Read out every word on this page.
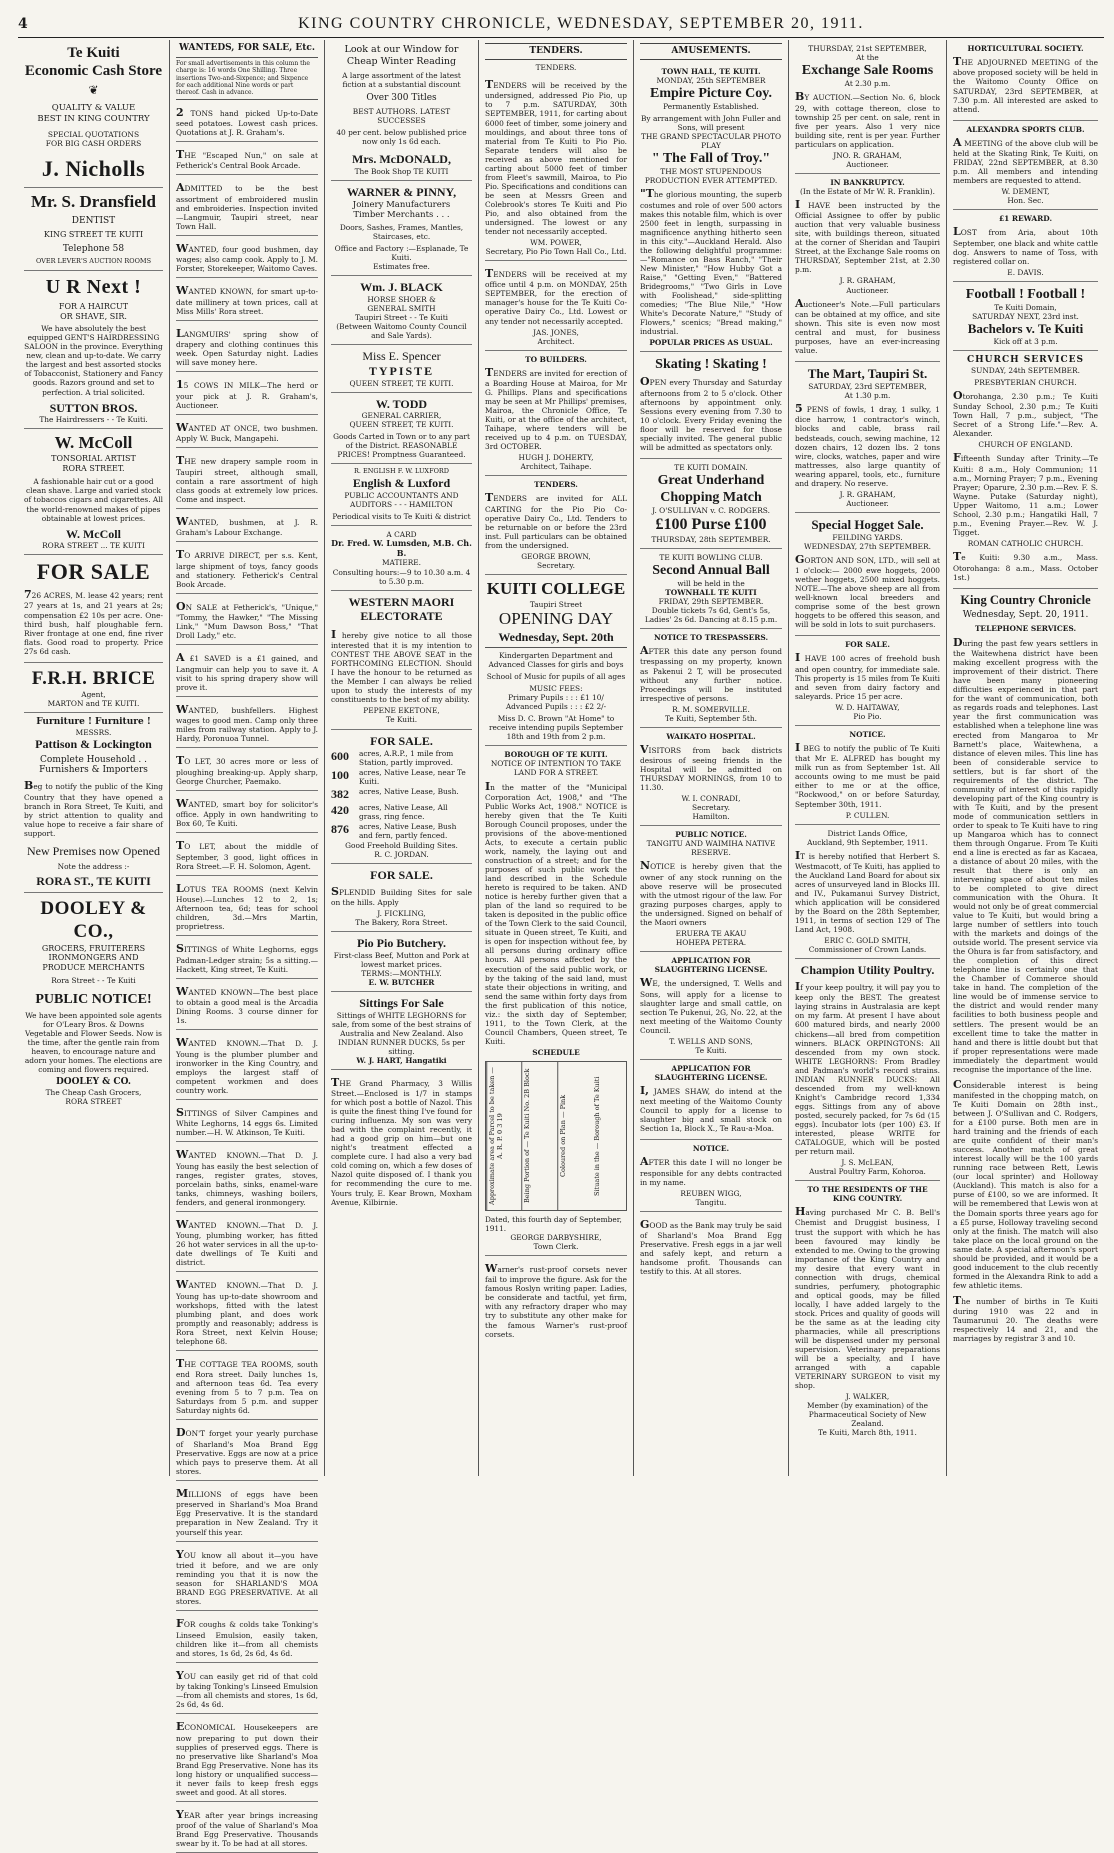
4	KING COUNTRY CHRONICLE, WEDNESDAY, SEPTEMBER 20, 1911.
Te Kuiti
Economic Cash Store
❦
QUALITY & VALUE
BEST IN KING COUNTRY
SPECIAL QUOTATIONS
FOR BIG CASH ORDERS
J. Nicholls
Mr. S. Dransfield
DENTIST
KING STREET TE KUITI
Telephone 58
OVER LEVER'S AUCTION ROOMS
U R Next !
FOR A HAIRCUT
OR SHAVE, SIR.
We have absolutely the best equipped GENT'S HAIRDRESSING SALOON in the province. Everything new, clean and up-to-date. We carry the largest and best assorted stocks of Tobacconist, Stationery and Fancy goods. Razors ground and set to perfection. A trial solicited.
SUTTON BROS.
The Hairdressers - - Te Kuiti.
W. McColl
TONSORIAL ARTIST
RORA STREET.
A fashionable hair cut or a good clean shave. Large and varied stock of tobaccos cigars and cigarettes. All the world-renowned makes of pipes obtainable at lowest prices.
W. McColl
RORA STREET ... TE KUITI
FOR SALE
726 ACRES, M. lease 42 years; rent 27 years at 1s, and 21 years at 2s; compensation £2 10s per acre. One-third bush, half ploughable fern. River frontage at one end, fine river flats. Good road to property. Price 27s 6d cash.
F.R.H. BRICE
Agent,
MARTON and TE KUITI.
Furniture ! Furniture !
MESSRS.
Pattison & Lockington
Complete Household . .
Furnishers & Importers
Beg to notify the public of the King Country that they have opened a branch in Rora Street, Te Kuiti, and by strict attention to quality and value hope to receive a fair share of support.
New Premises now Opened
Note the address :-
RORA ST., TE KUITI
DOOLEY & CO.,
GROCERS, FRUITERERS
IRONMONGERS AND
PRODUCE MERCHANTS
Rora Street - - Te Kuiti
PUBLIC NOTICE!
We have been appointed sole agents for O'Leary Bros. & Downs Vegetable and Flower Seeds. Now is the time, after the gentle rain from heaven, to encourage nature and adorn your homes. The elections are coming and flowers required.
DOOLEY & CO.
The Cheap Cash Grocers,
RORA STREET
WANTEDS, FOR SALE, Etc.
For small advertisements in this column the charge is: 16 words One Shilling. Three insertions Two-and-Sixpence; and Sixpence for each additional Nine words or part thereof. Cash in advance.
2 TONS hand picked Up-to-Date seed potatoes. Lowest cash prices. Quotations at J. R. Graham's.
THE "Escaped Nun," on sale at Fetherick's Central Book Arcade.
ADMITTED to be the best assortment of embroidered muslin and embroideries. Inspection invited—Langmuir, Taupiri street, near Town Hall.
WANTED, four good bushmen, day wages; also camp cook. Apply to J. M. Forster, Storekeeper, Waitomo Caves.
WANTED KNOWN, for smart up-to-date millinery at town prices, call at Miss Mills' Rora street.
LANGMUIRS' spring show of drapery and clothing continues this week. Open Saturday night. Ladies will save money here.
15 COWS IN MILK—The herd or your pick at J. R. Graham's, Auctioneer.
WANTED AT ONCE, two bushmen. Apply W. Buck, Mangapehi.
THE new drapery sample room in Taupiri street, although small, contain a rare assortment of high class goods at extremely low prices. Come and inspect.
WANTED, bushmen, at J. R. Graham's Labour Exchange.
TO ARRIVE DIRECT, per s.s. Kent, large shipment of toys, fancy goods and stationery. Fetherick's Central Book Arcade.
ON SALE at Fetherick's, "Unique," "Tommy, the Hawker," "The Missing Link," "Mum Dawson Boss," "That Droll Lady," etc.
A £1 SAVED is a £1 gained, and Langmuir can help you to save it. A visit to his spring drapery show will prove it.
WANTED, bushfellers. Highest wages to good men. Camp only three miles from railway station. Apply to J. Hardy, Poronuoa Tunnel.
TO LET, 30 acres more or less of ploughing breaking-up. Apply sharp, George Churcher, Paemako.
WANTED, smart boy for solicitor's office. Apply in own handwriting to Box 60, Te Kuiti.
TO LET, about the middle of September, 3 good, light offices in Rora Street.—F. H. Solomon, Agent.
LOTUS TEA ROOMS (next Kelvin House).—Lunches 12 to 2, 1s; Afternoon tea, 6d; teas for school children, 3d.—Mrs Martin, proprietress.
SITTINGS of White Leghorns, eggs Padman-Ledger strain; 5s a sitting.—Hackett, King street, Te Kuiti.
WANTED KNOWN—The best place to obtain a good meal is the Arcadia Dining Rooms. 3 course dinner for 1s.
WANTED KNOWN.—That D. J. Young is the plumber plumber and ironworker in the King Country, and employs the largest staff of competent workmen and does country work.
SITTINGS of Silver Campines and White Leghorns, 14 eggs 6s. Limited number.—H. W. Atkinson, Te Kuiti.
WANTED KNOWN.—That D. J. Young has easily the best selection of ranges, register grates, stoves, porcelain baths, sinks, enamel-ware tanks, chimneys, washing boilers, fenders, and general ironmongery.
WANTED KNOWN.—That D. J. Young, plumbing worker, has fitted 26 hot water services in all the up-to-date dwellings of Te Kuiti and district.
WANTED KNOWN.—That D. J. Young has up-to-date showroom and workshops, fitted with the latest plumbing plant, and does work promptly and reasonably; address is Rora Street, next Kelvin House; telephone 68.
THE COTTAGE TEA ROOMS, south end Rora street. Daily lunches 1s, and afternoon teas 6d. Tea every evening from 5 to 7 p.m. Tea on Saturdays from 5 p.m. and supper Saturday nights 6d.
DON'T forget your yearly purchase of Sharland's Moa Brand Egg Preservative. Eggs are now at a price which pays to preserve them. At all stores.
MILLIONS of eggs have been preserved in Sharland's Moa Brand Egg Preservative. It is the standard preparation in New Zealand. Try it yourself this year.
YOU know all about it—you have tried it before, and we are only reminding you that it is now the season for SHARLAND'S MOA BRAND EGG PRESERVATIVE. At all stores.
FOR coughs & colds take Tonking's Linseed Emulsion, easily taken, children like it—from all chemists and stores, 1s 6d, 2s 6d, 4s 6d.
YOU can easily get rid of that cold by taking Tonking's Linseed Emulsion—from all chemists and stores, 1s 6d, 2s 6d, 4s 6d.
ECONOMICAL Housekeepers are now preparing to put down their supplies of preserved eggs. There is no preservative like Sharland's Moa Brand Egg Preservative. None has its long history or unqualified success—it never fails to keep fresh eggs sweet and good. At all stores.
YEAR after year brings increasing proof of the value of Sharland's Moa Brand Egg Preservative. Thousands swear by it. To be had at all stores.
Look at our Window for
Cheap Winter Reading
A large assortment of the latest fiction at a substantial discount
Over 300 Titles
BEST AUTHORS. LATEST SUCCESSES
40 per cent. below published price now only 1s 6d each.
Mrs. McDONALD,
The Book Shop TE KUITI
WARNER & PINNY,
Joinery Manufacturers
Timber Merchants . . .
Doors, Sashes, Frames, Mantles, Staircases, etc.
Office and Factory :—Esplanade, Te Kuiti.
Estimates free.
Wm. J. BLACK
HORSE SHOER &
GENERAL SMITH
Taupiri Street - - Te Kuiti
(Between Waitomo County Council and Sale Yards).
Miss E. Spencer
TYPISTE
QUEEN STREET, TE KUITI.
W. TODD
GENERAL CARRIER,
QUEEN STREET, TE KUITI.
Goods Carted in Town or to any part of the District. REASONABLE PRICES! Promptness Guaranteed.
R. ENGLISH F. W. LUXFORD
English & Luxford
PUBLIC ACCOUNTANTS AND AUDITORS - - - HAMILTON
Periodical visits to Te Kuiti & district
A CARD
Dr. Fred. W. Lumsden, M.B. Ch. B.
MATIERE.
Consulting hours:—9 to 10.30 a.m. 4 to 5.30 p.m.
WESTERN MAORI
ELECTORATE
I hereby give notice to all those interested that it is my intention to CONTEST THE ABOVE SEAT in the FORTHCOMING ELECTION. Should I have the honour to be returned as the Member I can always be relied upon to study the interests of my constituents to the best of my ability.
PEPENE EKETONE,
Te Kuiti.
FOR SALE.
600	acres, A.R.P., 1 mile from Station, partly improved.
100	acres, Native Lease, near Te Kuiti.
382	acres, Native Lease, Bush.
420	acres, Native Lease, All grass, ring fence.
876	acres, Native Lease, Bush and fern, partly fenced.
Good Freehold Building Sites.
R. C. JORDAN.
FOR SALE.
SPLENDID Building Sites for sale on the hills. Apply
J. FICKLING,
The Bakery, Rora Street.
Pio Pio Butchery.
First-class Beef, Mutton and Pork at lowest market prices.
TERMS:—MONTHLY.
E. W. BUTCHER
Sittings For Sale
Sittings of WHITE LEGHORNS for sale, from some of the best strains of Australia and New Zealand. Also INDIAN RUNNER DUCKS, 5s per sitting.
W. J. HART, Hangatiki
THE Grand Pharmacy, 3 Willis Street.—Enclosed is 1/7 in stamps for which post a bottle of Nazol. This is quite the finest thing I've found for curing influenza. My son was very bad with the complaint recently, it had a good grip on him—but one night's treatment effected a complete cure. I had also a very bad cold coming on, which a few doses of Nazol quite disposed of. I thank you for recommending the cure to me. Yours truly, E. Kear Brown, Moxham Avenue, Kilbirnie.
TENDERS.
TENDERS.
TENDERS will be received by the undersigned, addressed Pio Pio, up to 7 p.m. SATURDAY, 30th SEPTEMBER, 1911, for carting about 6000 feet of timber, some joinery and mouldings, and about three tons of material from Te Kuiti to Pio Pio. Separate tenders will also be received as above mentioned for carting about 5000 feet of timber from Fleet's sawmill, Mairoa, to Pio Pio. Specifications and conditions can be seen at Messrs Green and Colebrook's stores Te Kuiti and Pio Pio, and also obtained from the undersigned. The lowest or any tender not necessarily accepted.
WM. POWER,
Secretary, Pio Pio Town Hall Co., Ltd.
TENDERS will be received at my office until 4 p.m. on MONDAY, 25th SEPTEMBER, for the erection of manager's house for the Te Kuiti Co-operative Dairy Co., Ltd. Lowest or any tender not necessarily accepted.
JAS. JONES,
Architect.
TO BUILDERS.
TENDERS are invited for erection of a Boarding House at Mairoa, for Mr G. Phillips. Plans and specifications may be seen at Mr Phillips' premises, Mairoa, the Chronicle Office, Te Kuiti, or at the office of the architect, Taihape, where tenders will be received up to 4 p.m. on TUESDAY, 3rd OCTOBER.
HUGH J. DOHERTY,
Architect, Taihape.
TENDERS.
TENDERS are invited for ALL CARTING for the Pio Pio Co-operative Dairy Co., Ltd. Tenders to be returnable on or before the 23rd inst. Full particulars can be obtained from the undersigned.
GEORGE BROWN,
Secretary.
KUITI COLLEGE
Taupiri Street
OPENING DAY
Wednesday, Sept. 20th
Kindergarten Department and Advanced Classes for girls and boys
School of Music for pupils of all ages
MUSIC FEES:
Primary Pupils : : : £1 10/
Advanced Pupils : : : £2 2/-
Miss D. C. Brown "At Home" to receive intending pupils September 18th and 19th from 2 p.m.
BOROUGH OF TE KUITI.
NOTICE OF INTENTION TO TAKE LAND FOR A STREET.
In the matter of the "Municipal Corporation Act, 1908," and "The Public Works Act, 1908." NOTICE is hereby given that the Te Kuiti Borough Council proposes, under the provisions of the above-mentioned Acts, to execute a certain public work, namely, the laying out and construction of a street; and for the purposes of such public work the land described in the Schedule hereto is required to be taken. AND notice is hereby further given that a plan of the land so required to be taken is deposited in the public office of the Town Clerk to the said Council, situate in Queen street, Te Kuiti, and is open for inspection without fee, by all persons during ordinary office hours. All persons affected by the execution of the said public work, or by the taking of the said land, must state their objections in writing, and send the same within forty days from the first publication of this notice, viz.: the sixth day of September, 1911, to the Town Clerk, at the Council Chambers, Queen street, Te Kuiti.
SCHEDULE
Approximate area of Parcel to be taken — A. R. P. 0 3 19
Being Portion of — Te Kuiti No. 2B Block
Coloured on Plan — Pink
Situate in the — Borough of Te Kuiti
Dated, this fourth day of September, 1911.
GEORGE DARBYSHIRE,
Town Clerk.
Warner's rust-proof corsets never fail to improve the figure. Ask for the famous Roslyn writing paper. Ladies, be considerate and tactful, yet firm, with any refractory draper who may try to substitute any other make for the famous Warner's rust-proof corsets.
AMUSEMENTS.
TOWN HALL, TE KUITI.
MONDAY, 25th SEPTEMBER
Empire Picture Coy.
Permanently Established.
By arrangement with John Fuller and Sons, will present
THE GRAND SPECTACULAR PHOTO PLAY
" The Fall of Troy."
THE MOST STUPENDOUS PRODUCTION EVER ATTEMPTED.
"The glorious mounting, the superb costumes and role of over 500 actors makes this notable film, which is over 2500 feet in length, surpassing in magnificence anything hitherto seen in this city."—Auckland Herald. Also the following delightful programme:—"Romance on Bass Ranch," "Their New Minister," "How Hubby Got a Raise," "Getting Even," "Battered Bridegrooms," "Two Girls in Love with Foolishead," side-splitting comedies; "The Blue Nile," "How White's Decorate Nature," "Study of Flowers," scenics; "Bread making," industrial.
POPULAR PRICES AS USUAL.
Skating ! Skating !
OPEN every Thursday and Saturday afternoons from 2 to 5 o'clock. Other afternoons by appointment only. Sessions every evening from 7.30 to 10 o'clock. Every Friday evening the floor will be reserved for those specially invited. The general public will be admitted as spectators only.
TE KUITI DOMAIN.
Great Underhand
Chopping Match
J. O'SULLIVAN v. C. RODGERS.
£100 Purse £100
THURSDAY, 28th SEPTEMBER.
TE KUITI BOWLING CLUB.
Second Annual Ball
will be held in the
TOWNHALL TE KUITI
FRIDAY, 29th SEPTEMBER.
Double tickets 7s 6d, Gent's 5s, Ladies' 2s 6d. Dancing at 8.15 p.m.
NOTICE TO TRESPASSERS.
AFTER this date any person found trespassing on my property, known as Pakenui 2 T, will be prosecuted without any further notice. Proceedings will be instituted irrespective of persons.
R. M. SOMERVILLE.
Te Kuiti, September 5th.
WAIKATO HOSPITAL.
VISITORS from back districts desirous of seeing friends in the Hospital will be admitted on THURSDAY MORNINGS, from 10 to 11.30.
W. I. CONRADI,
Secretary.
Hamilton.
PUBLIC NOTICE.
TANGITU AND WAIMIHA NATIVE RESERVE.
NOTICE is hereby given that the owner of any stock running on the above reserve will be prosecuted with the utmost rigour of the law. For grazing purposes charges, apply to the undersigned. Signed on behalf of the Maori owners
ERUERA TE AKAU
HOHEPA PETERA.
APPLICATION FOR SLAUGHTERING LICENSE.
WE, the undersigned, T. Wells and Sons, will apply for a license to slaughter large and small cattle, on section Te Pukenui, 2G, No. 22, at the next meeting of the Waitomo County Council.
T. WELLS AND SONS,
Te Kuiti.
APPLICATION FOR SLAUGHTERING LICENSE.
I, JAMES SHAW, do intend at the next meeting of the Waitomo County Council to apply for a license to slaughter big and small stock on Section 1a, Block X., Te Rau-a-Moa.
NOTICE.
AFTER this date I will no longer be responsible for any debts contracted in my name.
REUBEN WIGG,
Tangitu.
GOOD as the Bank may truly be said of Sharland's Moa Brand Egg Preservative. Fresh eggs in a jar well and safely kept, and return a handsome profit. Thousands can testify to this. At all stores.
THURSDAY, 21st SEPTEMBER,
At the
Exchange Sale Rooms
At 2.30 p.m.
BY AUCTION.—Section No. 6, block 29, with cottage thereon, close to township 25 per cent. on sale, rent in five per years. Also 1 very nice building site, rent is per year. Further particulars on application.
JNO. R. GRAHAM,
Auctioneer.
IN BANKRUPTCY.
(In the Estate of Mr W. R. Franklin).
I HAVE been instructed by the Official Assignee to offer by public auction that very valuable business site, with buildings thereon, situated at the corner of Sheridan and Taupiri Street, at the Exchange Sale rooms on THURSDAY, September 21st, at 2.30 p.m.
J. R. GRAHAM,
Auctioneer.
Auctioneer's Note.—Full particulars can be obtained at my office, and site shown. This site is even now most central and must, for business purposes, have an ever-increasing value.
The Mart, Taupiri St.
SATURDAY, 23rd SEPTEMBER,
At 1.30 p.m.
5 PENS of fowls, 1 dray, 1 sulky, 1 dice harrow, 1 contractor's winch, blocks and cable, brass rail bedsteads, couch, sewing machine, 12 dozen chairs, 12 dozen lbs. 2 tons wire, clocks, watches, paper and wire mattresses, also large quantity of wearing apparel, tools, etc., furniture and drapery. No reserve.
J. R. GRAHAM,
Auctioneer.
Special Hogget Sale.
FEILDING YARDS.
WEDNESDAY, 27th SEPTEMBER.
GORTON AND SON, LTD., will sell at 1 o'clock:— 2000 ewe hoggets, 2000 wether hoggets, 2500 mixed hoggets. NOTE.—The above sheep are all from well-known local breeders and comprise some of the best grown hoggets to be offered this season, and will be sold in lots to suit purchasers.
FOR SALE.
I HAVE 100 acres of freehold bush and open country, for immediate sale. This property is 15 miles from Te Kuiti and seven from dairy factory and saleyards. Price 15 per acre.
W. D. HAITAWAY,
Pio Pio.
NOTICE.
I BEG to notify the public of Te Kuiti that Mr E. ALFRED has bought my milk run as from September 1st. All accounts owing to me must be paid either to me or at the office, "Rockwood," on or before Saturday, September 30th, 1911.
P. CULLEN.
District Lands Office,
Auckland, 9th September, 1911.
IT is hereby notified that Herbert S. Westmacott, of Te Kuiti, has applied to the Auckland Land Board for about six acres of unsurveyed land in Blocks III. and IV., Pukamanui Survey District, which application will be considered by the Board on the 28th September, 1911, in terms of section 129 of The Land Act, 1908.
ERIC C. GOLD SMITH,
Commissioner of Crown Lands.
Champion Utility Poultry.
If your keep poultry, it will pay you to keep only the BEST. The greatest laying strains in Australasia are kept on my farm. At present I have about 600 matured birds, and nearly 2000 chickens—all bred from competition winners. BLACK ORPINGTONS: All descended from my own stock. WHITE LEGHORNS: From Bradley and Padman's world's record strains. INDIAN RUNNER DUCKS: All descended from my well-known Knight's Cambridge record 1,334 eggs. Sittings from any of above posted, securely packed, for 7s 6d (15 eggs). Incubator lots (per 100) £3. If interested, please WRITE for CATALOGUE, which will be posted per return mail.
J. S. McLEAN,
Austral Poultry Farm, Kohoroa.
TO THE RESIDENTS OF THE KING COUNTRY.
Having purchased Mr C. B. Bell's Chemist and Druggist business, I trust the support with which he has been favoured may kindly be extended to me. Owing to the growing importance of the King Country and my desire that every want in connection with drugs, chemical sundries, perfumery, photographic and optical goods, may be filled locally, I have added largely to the stock. Prices and quality of goods will be the same as at the leading city pharmacies, while all prescriptions will be dispensed under my personal supervision. Veterinary preparations will be a specialty, and I have arranged with a capable VETERINARY SURGEON to visit my shop.
J. WALKER,
Member (by examination) of the Pharmaceutical Society of New Zealand.
Te Kuiti, March 8th, 1911.
HORTICULTURAL SOCIETY.
THE ADJOURNED MEETING of the above proposed society will be held in the Waitomo County Office on SATURDAY, 23rd SEPTEMBER, at 7.30 p.m. All interested are asked to attend.
ALEXANDRA SPORTS CLUB.
A MEETING of the above club will be held at the Skating Rink, Te Kuiti, on FRIDAY, 22nd SEPTEMBER, at 8.30 p.m. All members and intending members are requested to attend.
W. DEMENT,
Hon. Sec.
£1 REWARD.
LOST from Aria, about 10th September, one black and white cattle dog. Answers to name of Toss, with registered collar on.
E. DAVIS.
Football ! Football !
Te Kuiti Domain,
SATURDAY NEXT, 23rd inst.
Bachelors v. Te Kuiti
Kick off at 3 p.m.
CHURCH SERVICES
SUNDAY, 24th SEPTEMBER.
PRESBYTERIAN CHURCH.
Otorohanga, 2.30 p.m.; Te Kuiti Sunday School, 2.30 p.m.; Te Kuiti Town Hall, 7 p.m., subject, "The Secret of a Strong Life."—Rev. A. Alexander.
CHURCH OF ENGLAND.
Fifteenth Sunday after Trinity.—Te Kuiti: 8 a.m., Holy Communion; 11 a.m., Morning Prayer; 7 p.m., Evening Prayer; Oparure, 2.30 p.m.—Rev. F. S. Wayne. Putake (Saturday night), Upper Waitomo, 11 a.m.; Lower School, 2.30 p.m.; Hangatiki Hall, 7 p.m., Evening Prayer.—Rev. W. J. Tigget.
ROMAN CATHOLIC CHURCH.
Te Kuiti: 9.30 a.m., Mass. Otorohanga: 8 a.m., Mass. October 1st.)
King Country Chronicle
Wednesday, Sept. 20, 1911.
TELEPHONE SERVICES.
During the past few years settlers in the Waitewhena district have been making excellent progress with the improvement of their district. There have been many pioneering difficulties experienced in that part for the want of communication, both as regards roads and telephones. Last year the first communication was established when a telephone line was erected from Mangaroa to Mr Barnett's place, Waitewhena, a distance of eleven miles. This line has been of considerable service to settlers, but is far short of the requirements of the district. The community of interest of this rapidly developing part of the King country is with Te Kuiti, and by the present mode of communication settlers in order to speak to Te Kuiti have to ring up Mangaroa which has to connect them through Ongarue. From Te Kuiti end a line is erected as far as Kacaea, a distance of about 20 miles, with the result that there is only an intervening space of about ten miles to be completed to give direct communication with the Ohura. It would not only be of great commercial value to Te Kuiti, but would bring a large number of settlers into touch with the markets and doings of the outside world. The present service via the Ohura is far from satisfactory, and the completion of this direct telephone line is certainly one that the Chamber of Commerce should take in hand. The completion of the line would be of immense service to the district and would render many facilities to both business people and settlers. The present would be an excellent time to take the matter in hand and there is little doubt but that if proper representations were made immediately the department would recognise the importance of the line.
Considerable interest is being manifested in the chopping match, on Te Kuiti Domain on 28th inst., between J. O'Sullivan and C. Rodgers, for a £100 purse. Both men are in hard training and the friends of each are quite confident of their man's success. Another match of great interest locally will be the 100 yards running race between Rett, Lewis (our local sprinter) and Holloway (Auckland). This match is also for a purse of £100, so we are informed. It will be remembered that Lewis won at the Domain sports three years ago for a £5 purse, Holloway traveling second only at the finish. The match will also take place on the local ground on the same date. A special afternoon's sport should be provided, and it would be a good inducement to the club recently formed in the Alexandra Rink to add a few athletic items.
The number of births in Te Kuiti during 1910 was 22 and in Taumarunui 20. The deaths were respectively 14 and 21, and the marriages by registrar 3 and 10.
